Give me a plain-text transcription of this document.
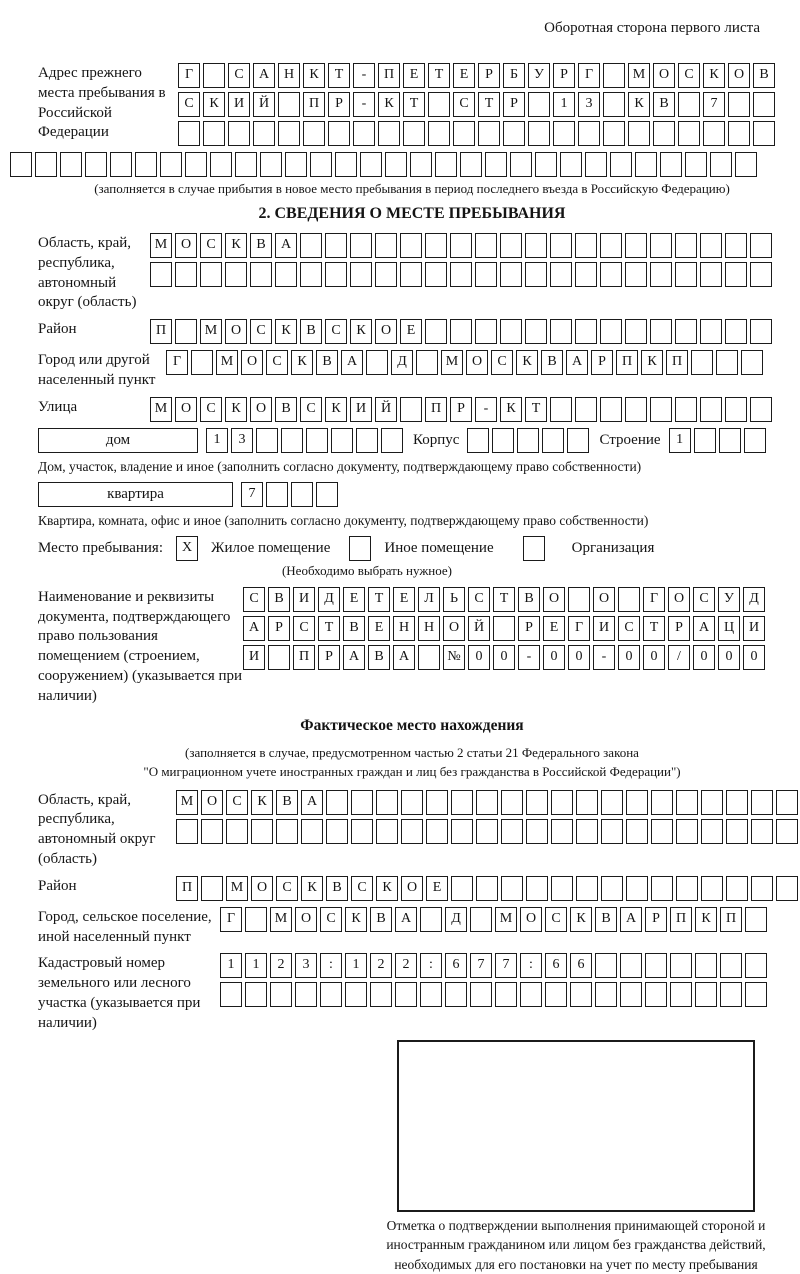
Оборотная сторона первого листа
Адрес прежнего места пребывания в Российской Федерации
Г	С	А	Н	К	Т	-	П	Е	Т	Е	Р	Б	У	Р	Г	М О	С	К	О	В
С	К	И	Й	П	Р	-	К	Т	С	Т	Р	1	3	К	В	7
(заполняется в случае прибытия в новое место пребывания в период последнего въезда в Российскую Федерацию)
2. СВЕДЕНИЯ О МЕСТЕ ПРЕБЫВАНИЯ
Область, край, республика, автономный округ (область)
М О	С	К	В	А
Район	П	М О	С	К	В	С	К	О	Е
Город или другой населенный пункт
Г	М О	С	К	В	А	Д	М О	С	К	В	А	Р	П	К	П
Улица	М О	С	К	О	В	С	К	И	Й	П	Р	-	К	Т
дом	1	3	Корпус	Строение	1
Дом, участок, владение и иное (заполнить согласно документу, подтверждающему право собственности)
квартира	7
Квартира, комната, офис и иное (заполнить согласно документу, подтверждающему право собственности)
Место пребывания:	X	Жилое помещение	Иное помещение	Организация
(Необходимо выбрать нужное)
Наименование и реквизиты документа, подтверждающего право пользования помещением (строением, сооружением) (указывается при наличии)
С	В	И	Д	Е	Т	Е	Л	Ь	С	Т	В	О	О	Г	О	С	У	Д
А	Р	С	Т	В	Е	Н	Н	О	Й	Р	Е	Г	И	С	Т	Р	А	Ц	И
И	П	Р	А	В	А	№	0	0	-	0	0	-	0	0	/	0	0	0
Фактическое место нахождения
(заполняется в случае, предусмотренном частью 2 статьи 21 Федерального закона
"О миграционном учете иностранных граждан и лиц без гражданства в Российской Федерации")
Область, край, республика, автономный округ (область)
М О	С	К	В	А
Район	П	М О	С	К	В	С	К	О	Е
Город, сельское поселение, иной населенный пункт
Г	М О	С	К	В	А	Д	М О	С	К	В	А	Р	П	К	П
Кадастровый номер земельного или лесного участка (указывается при наличии)
1	1	2	3	:	1	2	2	:	6	7	7	:	6	6
Отметка о подтверждении выполнения принимающей стороной и иностранным гражданином или лицом без гражданства действий, необходимых для его постановки на учет по месту пребывания
